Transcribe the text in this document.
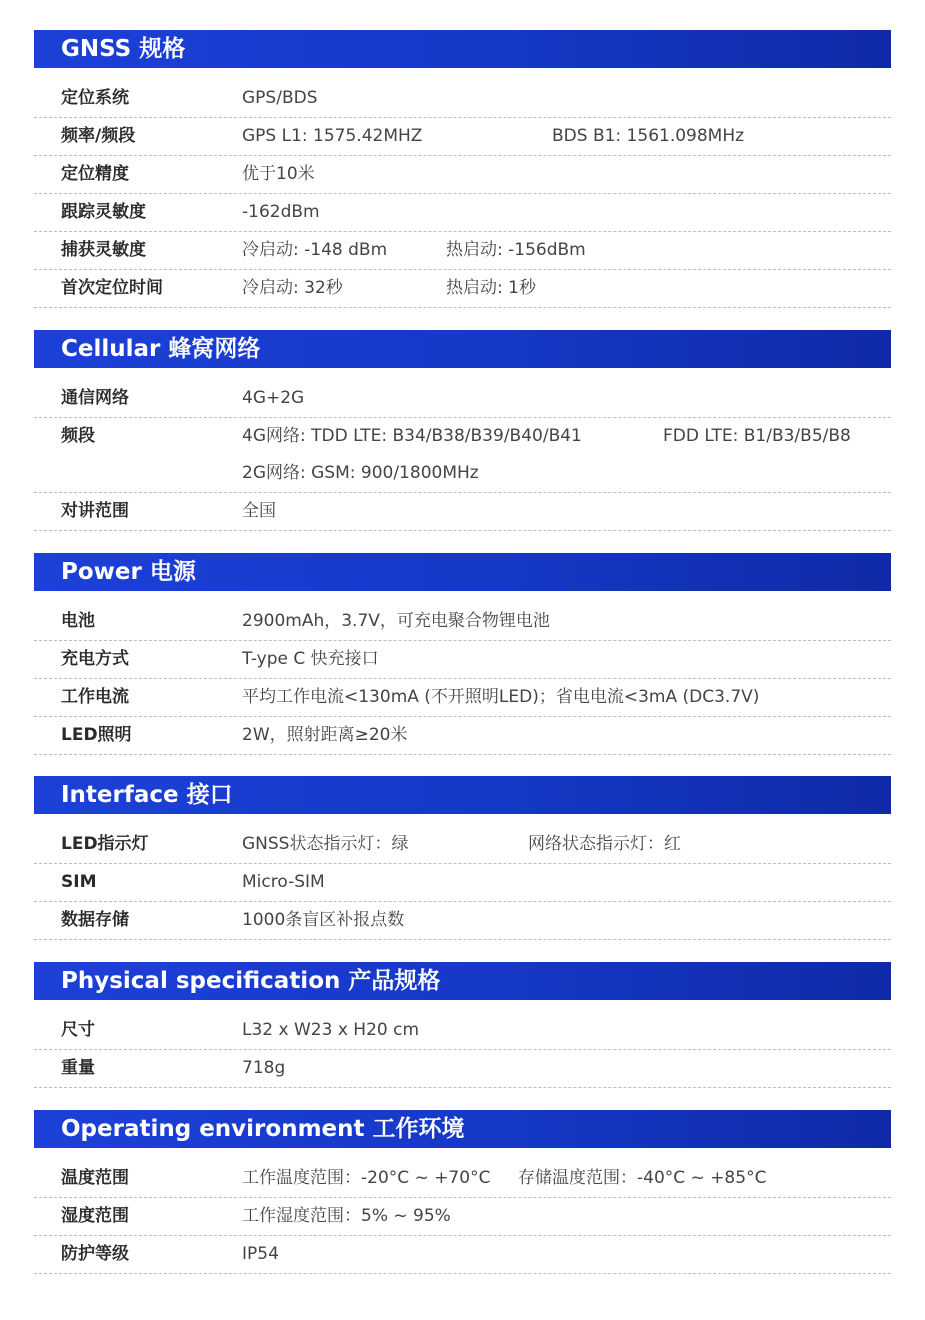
GNSS 规格
定位系统	GPS/BDS
频率/频段	GPS L1: 1575.42MHZ	BDS B1: 1561.098MHz
定位精度	优于10米
跟踪灵敏度	-162dBm
捕获灵敏度	冷启动: -148 dBm	热启动: -156dBm
首次定位时间	冷启动: 32秒	热启动: 1秒
Cellular 蜂窝网络
通信网络	4G+2G
频段	4G网络: TDD LTE: B34/B38/B39/B40/B41	FDD LTE: B1/B3/B5/B8
2G网络: GSM: 900/1800MHz
对讲范围	全国
Power 电源
电池	2900mAh，3.7V，可充电聚合物锂电池
充电方式	T-ype C 快充接口
工作电流	平均工作电流<130mA (不开照明LED)；省电电流<3mA (DC3.7V)
LED照明	2W，照射距离≥20米
Interface 接口
LED指示灯	GNSS状态指示灯：绿	网络状态指示灯：红
SIM	Micro-SIM
数据存储	1000条盲区补报点数
Physical specification 产品规格
尺寸	L32 x W23 x H20 cm
重量	718g
Operating environment 工作环境
温度范围	工作温度范围：-20°C ~ +70°C 存储温度范围：-40°C ~ +85°C
湿度范围	工作湿度范围：5% ~ 95%
防护等级	IP54
